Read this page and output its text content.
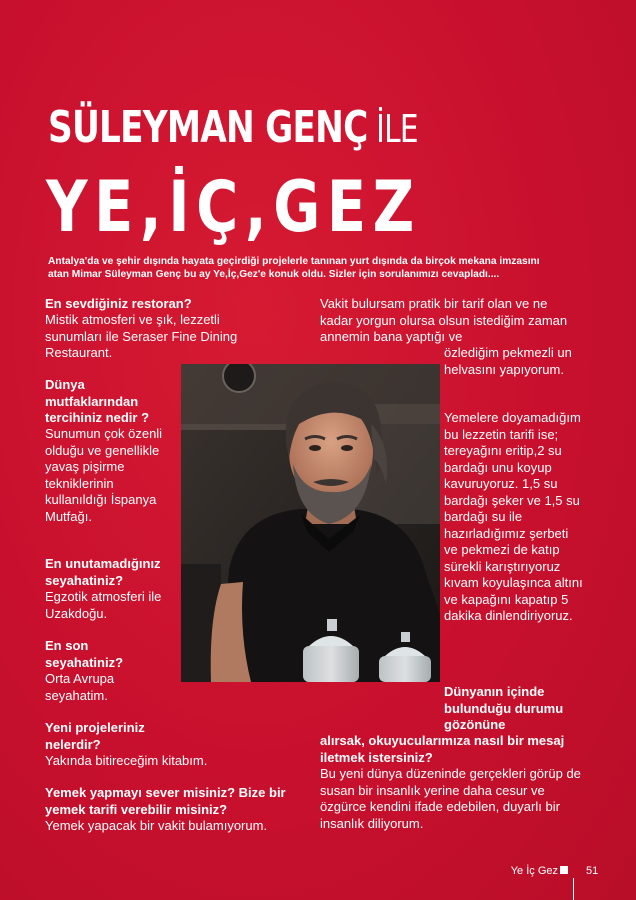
SÜLEYMAN GENÇ İLE
YE,İÇ,GEZ
Antalya'da ve şehir dışında hayata geçirdiği projelerle tanınan yurt dışında da birçok mekana imzasını atan Mimar Süleyman Genç bu ay Ye,İç,Gez'e konuk oldu. Sizler için sorulanımızı cevapladı....
En sevdiğiniz restoran?
Mistik atmosferi ve şık, lezzetli sunumları ile Seraser Fine Dining Restaurant.
Dünya mutfaklarından tercihiniz nedir ?
Sunumun çok özenli olduğu ve genellikle yavaş pişirme tekniklerinin kullanıldığı İspanya Mutfağı.
En unutamadığınız seyahatiniz?
Egzotik atmosferi ile Uzakdoğu.
En son seyahatiniz?
Orta Avrupa seyahatim.
Yeni projeleriniz nelerdir?
Yakında bitireceğim kitabım.
Yemek yapmayı sever misiniz? Bize bir yemek tarifi verebilir misiniz?
Yemek yapacak bir vakit bulamıyorum.
Vakit bulursam pratik bir tarif olan ve ne kadar yorgun olursa olsun istediğim zaman annemin bana yaptığı ve
özlediğim pekmezli un helvasını yapıyorum.
Yemelere doyamadığım bu lezzetin tarifi ise; tereyağını eritip,2 su bardağı unu koyup kavuruyoruz. 1,5 su bardağı şeker ve 1,5 su bardağı su ile hazırladığımız şerbeti ve pekmezi de katıp sürekli karıştırıyoruz kıvam koyulaşınca altını ve kapağını kapatıp 5 dakika dinlendiriyoruz.
Dünyanın içinde bulunduğu durumu gözönüne
alırsak, okuyucularımıza nasıl bir mesaj iletmek istersiniz?
Bu yeni dünya düzeninde gerçekleri görüp de susan bir insanlık yerine daha cesur ve özgürce kendini ifade edebilen, duyarlı bir insanlık diliyorum.
Ye İç Gez	51
